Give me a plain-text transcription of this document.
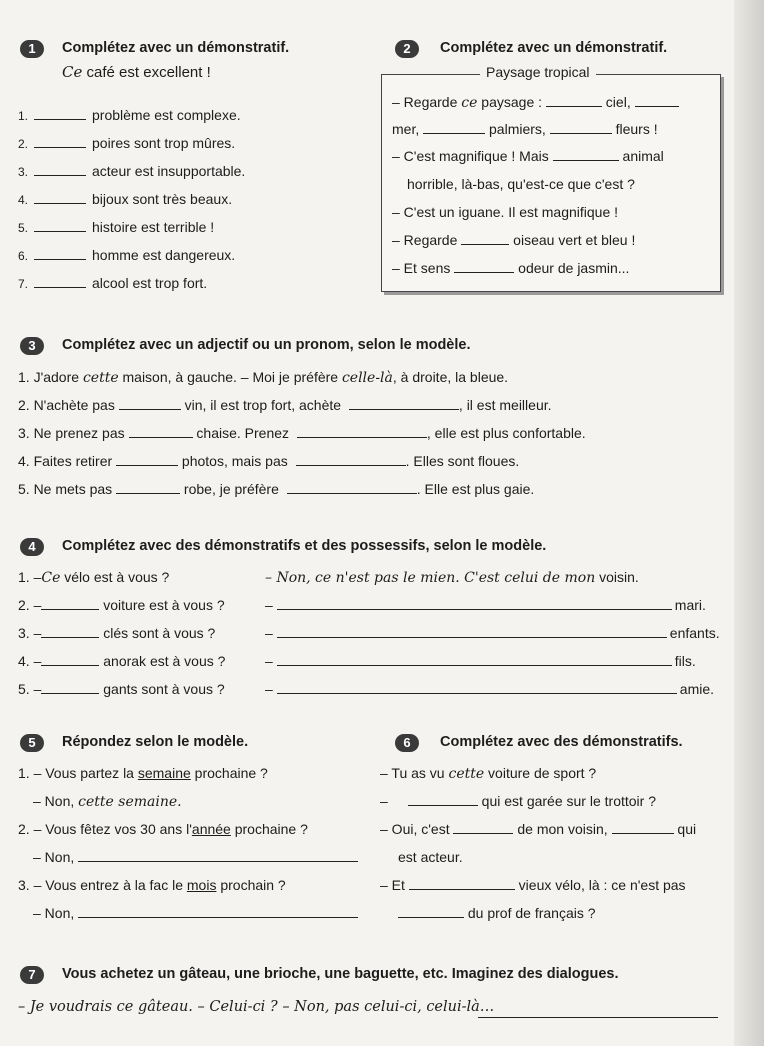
1	Complétez avec un démonstratif.
Ce café est excellent !
1.	problème est complexe.
2.	poires sont trop mûres.
3.	acteur est insupportable.
4.	bijoux sont très beaux.
5.	histoire est terrible !
6.	homme est dangereux.
7.	alcool est trop fort.
2	Complétez avec un démonstratif.
Paysage tropical
– Regarde ce paysage :	ciel,
mer,	palmiers,	fleurs !
– C'est magnifique ! Mais	animal
horrible, là-bas, qu'est-ce que c'est ?
– C'est un iguane. Il est magnifique !
– Regarde	oiseau vert et bleu !
– Et sens	odeur de jasmin...
3	Complétez avec un adjectif ou un pronom, selon le modèle.
1. J'adore cette maison, à gauche. – Moi je préfère celle-là, à droite, la bleue.
2. N'achète pas	vin, il est trop fort, achète	, il est meilleur.
3. Ne prenez pas	chaise. Prenez	, elle est plus confortable.
4. Faites retirer	photos, mais pas	. Elles sont floues.
5. Ne mets pas	robe, je préfère	. Elle est plus gaie.
4	Complétez avec des démonstratifs et des possessifs, selon le modèle.
1. –Ce vélo est à vous ?	– Non, ce n'est pas le mien. C'est celui de mon voisin.
2. –	voiture est à vous ?	–	mari.
3. –	clés sont à vous ?	–	enfants.
4. –	anorak est à vous ?	–	fils.
5. –	gants sont à vous ?	–	amie.
5	Répondez selon le modèle.
1. – Vous partez la semaine prochaine ?
– Non, cette semaine.
2. – Vous fêtez vos 30 ans l'année prochaine ?
– Non,
3. – Vous entrez à la fac le mois prochain ?
– Non,
6	Complétez avec des démonstratifs.
– Tu as vu cette voiture de sport ?
–	qui est garée sur le trottoir ?
– Oui, c'est	de mon voisin,	qui
est acteur.
– Et	vieux vélo, là : ce n'est pas
du prof de français ?
7	Vous achetez un gâteau, une brioche, une baguette, etc. Imaginez des dialogues.
– Je voudrais ce gâteau. – Celui-ci ? – Non, pas celui-ci, celui-là…
